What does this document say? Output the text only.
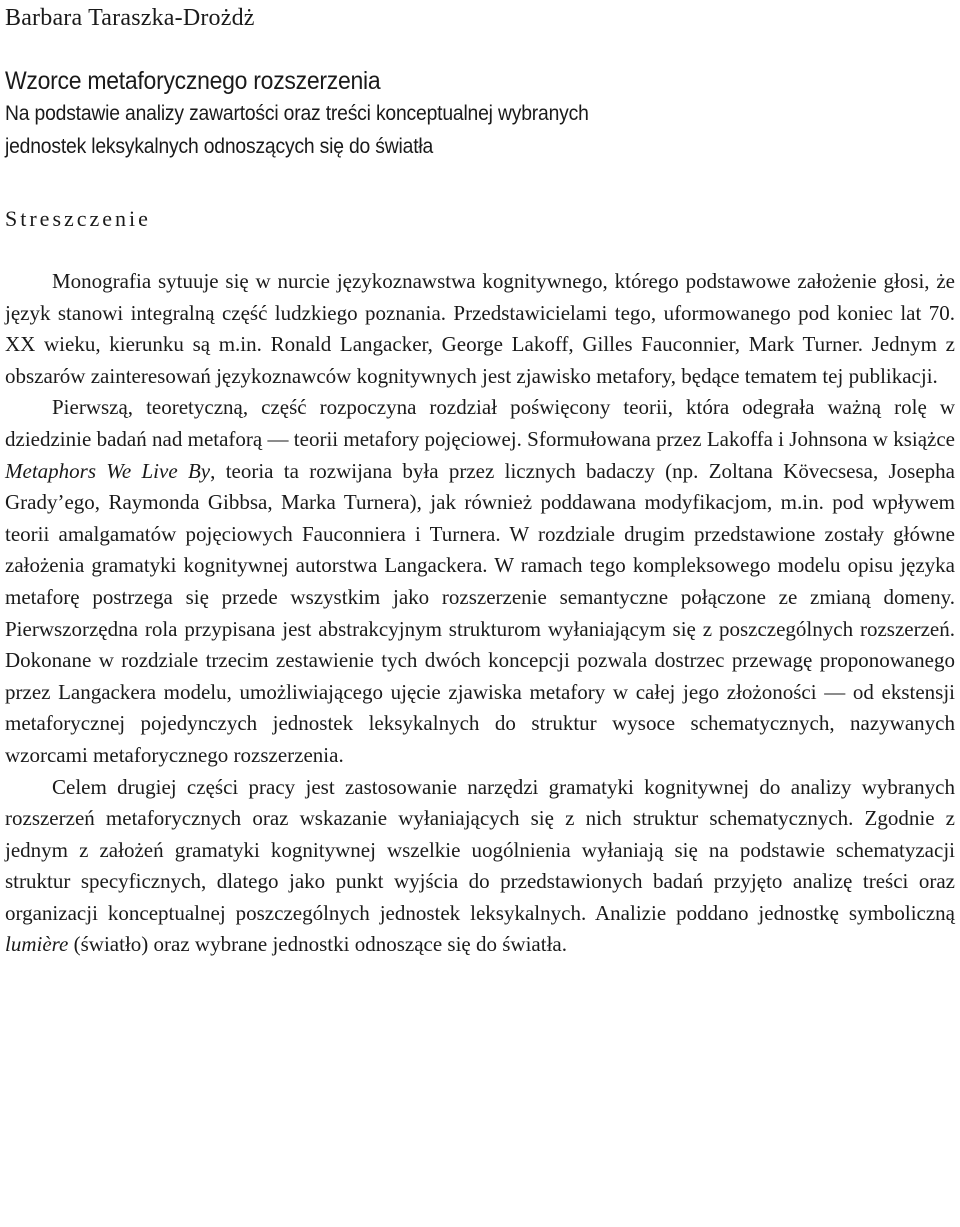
Barbara Taraszka-Drożdż
Wzorce metaforycznego rozszerzenia
Na podstawie analizy zawartości oraz treści konceptualnej wybranych jednostek leksykalnych odnoszących się do światła
Streszczenie

Monografia sytuuje się w nurcie językoznawstwa kognitywnego, którego podstawowe założenie głosi, że język stanowi integralną część ludzkiego poznania. Przedstawicielami tego, uformowanego pod koniec lat 70. XX wieku, kierunku są m.in. Ronald Langacker, George Lakoff, Gilles Fauconnier, Mark Turner. Jednym z obszarów zainteresowań językoznawców kognitywnych jest zjawisko metafory, będące tematem tej publikacji.

Pierwszą, teoretyczną, część rozpoczyna rozdział poświęcony teorii, która odegrała ważną rolę w dziedzinie badań nad metaforą — teorii metafory pojęciowej. Sformułowana przez Lakoffa i Johnsona w książce Metaphors We Live By, teoria ta rozwijana była przez licznych badaczy (np. Zoltana Kövecsesa, Josepha Grady’ego, Raymonda Gibbsa, Marka Turnera), jak również poddawana modyfikacjom, m.in. pod wpływem teorii amalgamatów pojęciowych Fauconniera i Turnera. W rozdziale drugim przedstawione zostały główne założenia gramatyki kognitywnej autorstwa Langackera. W ramach tego kompleksowego modelu opisu języka metaforę postrzega się przede wszystkim jako rozszerzenie semantyczne połączone ze zmianą domeny. Pierwszorzędna rola przypisana jest abstrakcyjnym strukturom wyłaniającym się z poszczególnych rozszerzeń. Dokonane w rozdziale trzecim zestawienie tych dwóch koncepcji pozwala dostrzec przewagę proponowanego przez Langackera modelu, umożliwiającego ujęcie zjawiska metafory w całej jego złożoności — od ekstensji metaforycznej pojedynczych jednostek leksykalnych do struktur wysoce schematycznych, nazywanych wzorcami metaforycznego rozszerzenia.

Celem drugiej części pracy jest zastosowanie narzędzi gramatyki kognitywnej do analizy wybranych rozszerzeń metaforycznych oraz wskazanie wyłaniających się z nich struktur schematycznych. Zgodnie z jednym z założeń gramatyki kognitywnej wszelkie uogólnienia wyłaniają się na podstawie schematyzacji struktur specyficznych, dlatego jako punkt wyjścia do przedstawionych badań przyjęto analizę treści oraz organizacji konceptualnej poszczególnych jednostek leksykalnych. Analizie poddano jednostkę symboliczną lumière (światło) oraz wybrane jednostki odnoszące się do światła.
